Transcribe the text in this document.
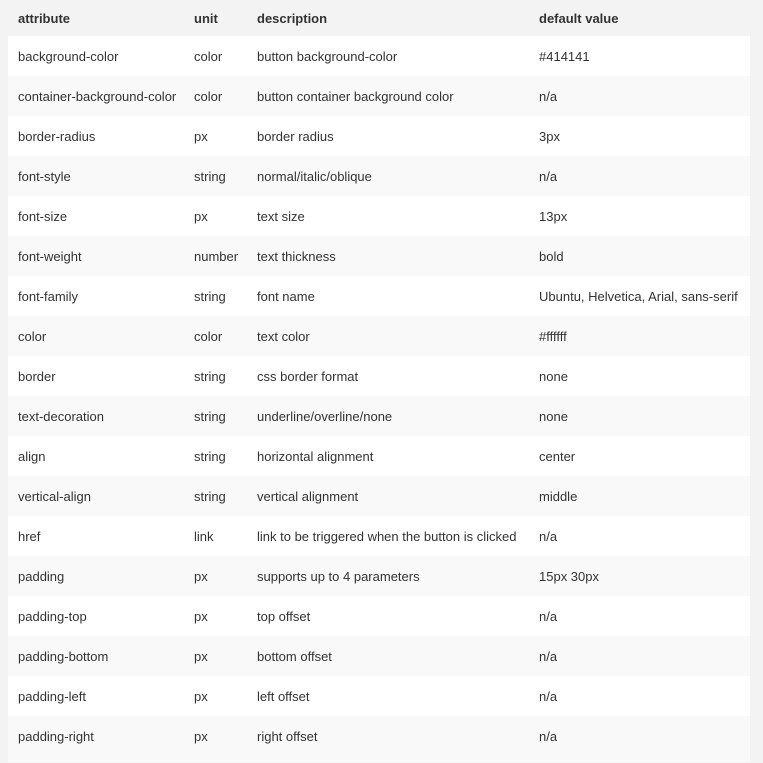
attribute	unit	description	default value
background-color	color	button background-color	#414141
container-background-color	color	button container background color	n/a
border-radius	px	border radius	3px
font-style	string	normal/italic/oblique	n/a
font-size	px	text size	13px
font-weight	number	text thickness	bold
font-family	string	font name	Ubuntu, Helvetica, Arial, sans-serif
color	color	text color	#ffffff
border	string	css border format	none
text-decoration	string	underline/overline/none	none
align	string	horizontal alignment	center
vertical-align	string	vertical alignment	middle
href	link	link to be triggered when the button is clicked	n/a
padding	px	supports up to 4 parameters	15px 30px
padding-top	px	top offset	n/a
padding-bottom	px	bottom offset	n/a
padding-left	px	left offset	n/a
padding-right	px	right offset	n/a
